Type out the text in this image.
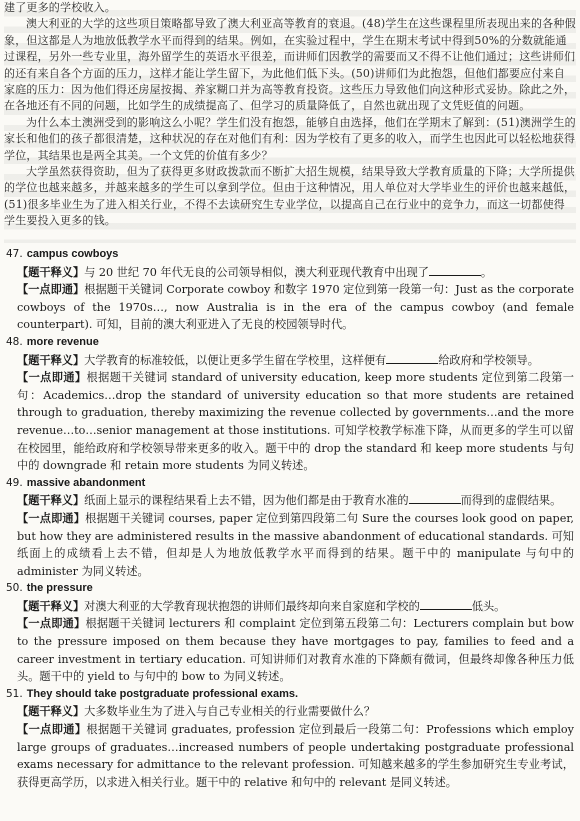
建了更多的学校收入。

澳大利亚的大学的这些项目策略都导致了澳大利亚高等教育的衰退。(48)学生在这些课程里所表现出来的各种假象，但这都是人为地放低教学水平而得到的结果。例如，在实验过程中，学生在期末考试中得到50%的分数就能通过课程，另外一些专业里，海外留学生的英语水平很差，而讲师们因教学的需要而又不得不让他们通过；这些讲师们的还有来自各个方面的压力，这样才能让学生留下，为此他们低下头。(50)讲师们为此抱怨，但他们都要应付来自家庭的压力：因为他们得还房屋按揭、养家糊口并为高等教育投资。这些压力导致他们向这种形式妥协。除此之外，在各地还有不同的问题，比如学生的成绩提高了、但学习的质量降低了，自然也就出现了文凭贬值的问题。

为什么本土澳洲受到的影响这么小呢？学生们没有抱怨，能够自由选择，他们在学期末了解到：(51)澳洲学生的家长和他们的孩子都很清楚，这种状况的存在对他们有利：因为学校有了更多的收入，而学生也因此可以轻松地获得学位，其结果也是两全其美。一个文凭的价值有多少？

大学虽然获得资助，但为了获得更多财政拨款而不断扩大招生规模，结果导致大学教育质量的下降；大学所提供的学位也越来越多，并越来越多的学生可以拿到学位。但由于这种情况，用人单位对大学毕业生的评价也越来越低，(51)很多毕业生为了进入相关行业，不得不去读研究生专业学位，以提高自己在行业中的竞争力，而这一切都使得学生要投入更多的钱。

47. campus cowboys
【题干释义】与 20 世纪 70 年代无良的公司领导相似，澳大利亚现代教育中出现了	。
【一点即通】根据题干关键词 Corporate cowboy 和数字 1970 定位到第一段第一句：Just as the corporate cowboys of the 1970s…, now Australia is in the era of the campus cowboy (and female counterpart). 可知，目前的澳大利亚进入了无良的校园领导时代。
48. more revenue
【题干释义】大学教育的标准较低，以便让更多学生留在学校里，这样便有	给政府和学校领导。
【一点即通】根据题干关键词 standard of university education, keep more students 定位到第二段第一句：Academics…drop the standard of university education so that more students are retained through to graduation, thereby maximizing the revenue collected by governments…and the more revenue…to…senior management at those institutions. 可知学校教学标准下降，从而更多的学生可以留在校园里，能给政府和学校领导带来更多的收入。题干中的 drop the standard 和 keep more students 与句中的 downgrade 和 retain more students 为同义转述。
49. massive abandonment
【题干释义】纸面上显示的课程结果看上去不错，因为他们都是由于教育水准的	而得到的虚假结果。
【一点即通】根据题干关键词 courses, paper 定位到第四段第二句 Sure the courses look good on paper, but how they are administered results in the massive abandonment of educational standards. 可知纸面上的成绩看上去不错，但却是人为地放低教学水平而得到的结果。题干中的 manipulate 与句中的 administer 为同义转述。
50. the pressure
【题干释义】对澳大利亚的大学教育现状抱怨的讲师们最终却向来自家庭和学校的	低头。
【一点即通】根据题干关键词 lecturers 和 complaint 定位到第五段第二句：Lecturers complain but bow to the pressure imposed on them because they have mortgages to pay, families to feed and a career investment in tertiary education. 可知讲师们对教育水准的下降颇有微词，但最终却像各种压力低头。题干中的 yield to 与句中的 bow to 为同义转述。
51. They should take postgraduate professional exams.
【题干释义】大多数毕业生为了进入与自己专业相关的行业需要做什么？
【一点即通】根据题干关键词 graduates, profession 定位到最后一段第二句：Professions which employ large groups of graduates…increased numbers of people undertaking postgraduate professional exams necessary for admittance to the relevant profession. 可知越来越多的学生参加研究生专业考试，获得更高学历，以求进入相关行业。题干中的 relative 和句中的 relevant 是同义转述。
